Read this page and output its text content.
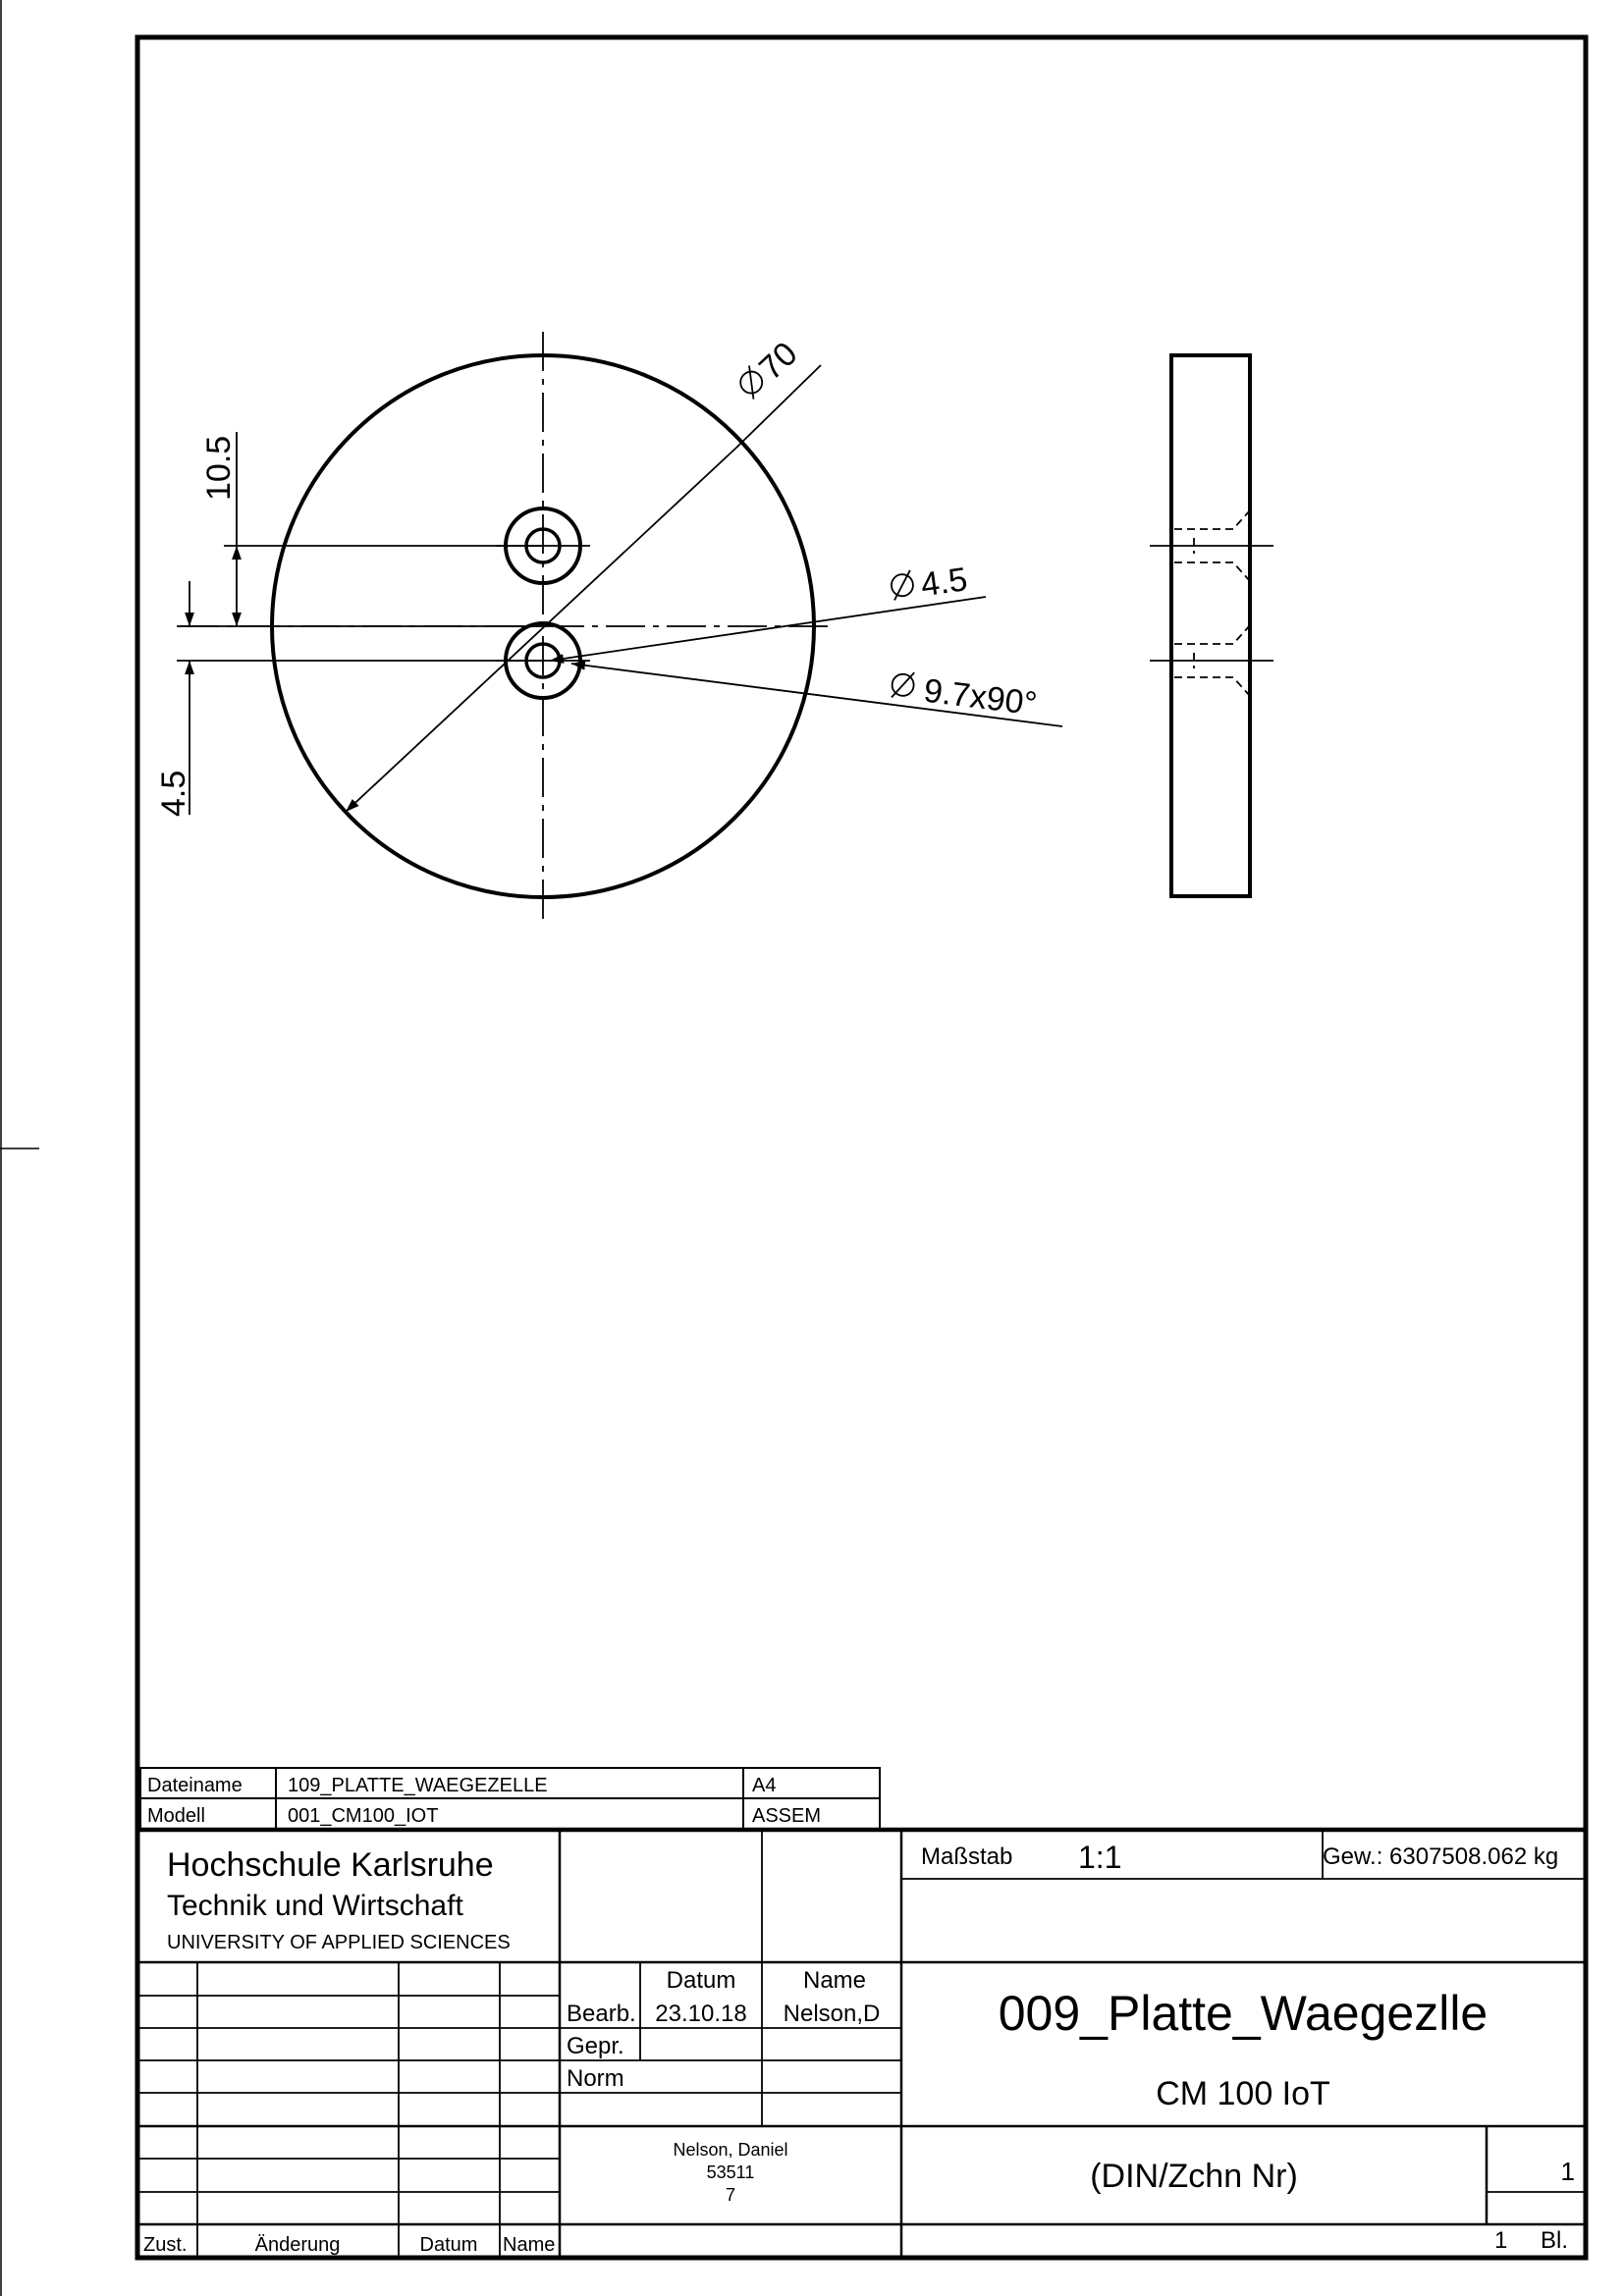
70
4.5
9.7x90°
10.5
4.5
Dateiname 109_PLATTE_WAEGEZELLE	A4
Modell	001_CM100_IOT	ASSEM
Hochschule Karlsruhe
Technik und Wirtschaft
UNIVERSITY OF APPLIED SCIENCES
Datum	Name
Bearb. 23.10.18 Nelson,D
Gepr.
Norm
Nelson, Daniel
53511
7
Maßstab 1:1	Gew.: 6307508.062 kg
009_Platte_Waegezlle
CM 100 IoT
(DIN/Zchn Nr)	1
1 Bl.
Zust.	Änderung	Datum Name
